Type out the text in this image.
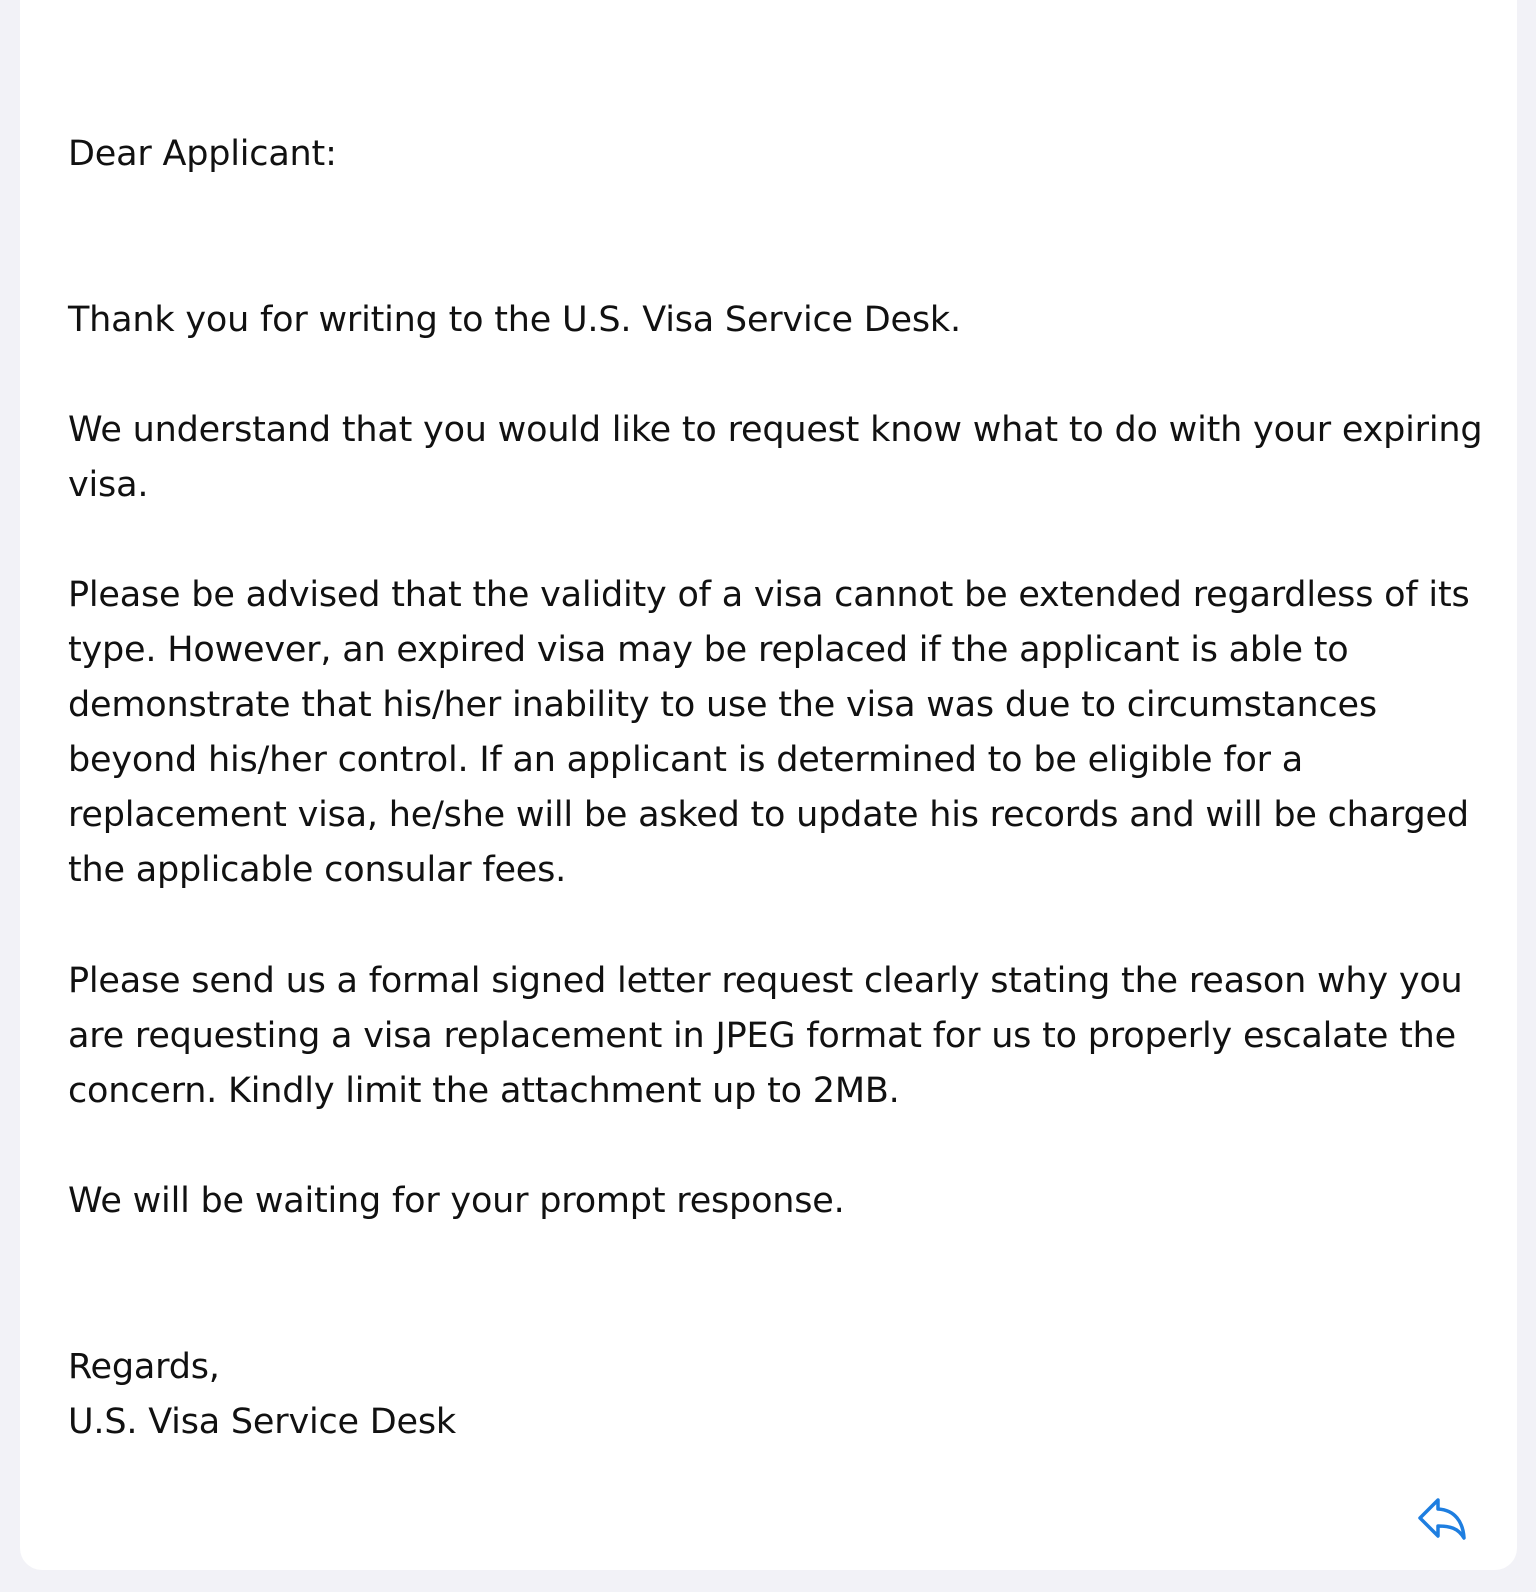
Dear Applicant:
Thank you for writing to the U.S. Visa Service Desk.
We understand that you would like to request know what to do with your expiring
visa.
Please be advised that the validity of a visa cannot be extended regardless of its
type. However, an expired visa may be replaced if the applicant is able to
demonstrate that his/her inability to use the visa was due to circumstances
beyond his/her control. If an applicant is determined to be eligible for a
replacement visa, he/she will be asked to update his records and will be charged
the applicable consular fees.
Please send us a formal signed letter request clearly stating the reason why you
are requesting a visa replacement in JPEG format for us to properly escalate the
concern. Kindly limit the attachment up to 2MB.
We will be waiting for your prompt response.
Regards,
U.S. Visa Service Desk
